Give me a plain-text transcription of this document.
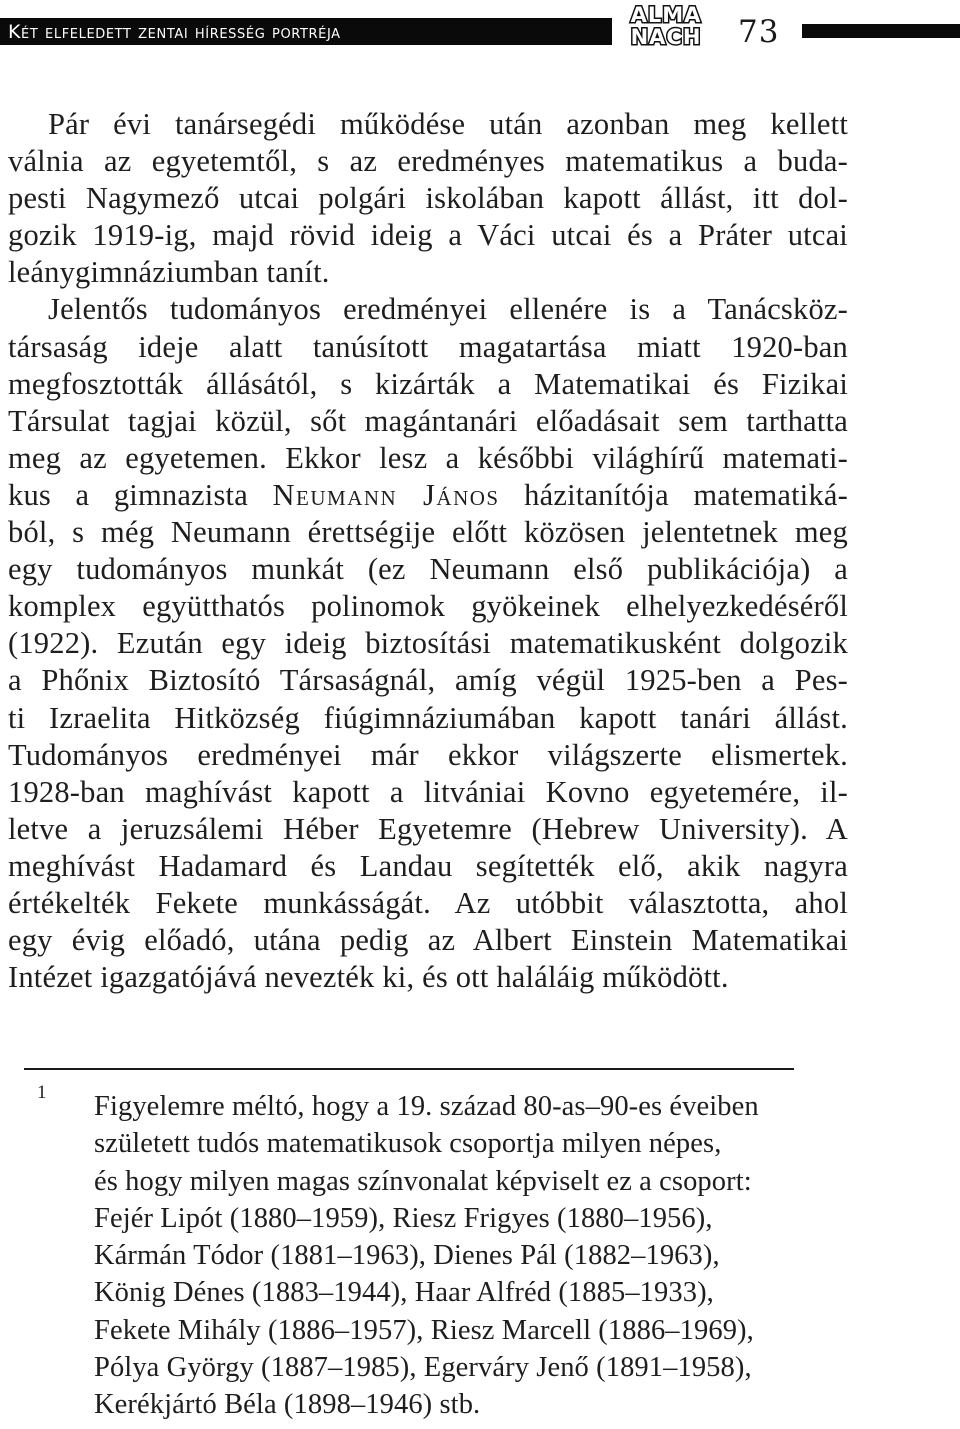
Két elfeledett zentai híresség portréja
ALMA
NACH 73
Pár évi tanársegédi működése után azonban meg kellett
válnia az egyetemtől, s az eredményes matematikus a buda-
pesti Nagymező utcai polgári iskolában kapott állást, itt dol-
gozik 1919-ig, majd rövid ideig a Váci utcai és a Práter utcai
leánygimnáziumban tanít.
Jelentős tudományos eredményei ellenére is a Tanácsköz-
társaság ideje alatt tanúsított magatartása miatt 1920-ban
megfosztották állásától, s kizárták a Matematikai és Fizikai
Társulat tagjai közül, sőt magántanári előadásait sem tarthatta
meg az egyetemen. Ekkor lesz a későbbi világhírű matemati-
kus a gimnazista Neumann János házitanítója matematiká-
ból, s még Neumann érettségije előtt közösen jelentetnek meg
egy tudományos munkát (ez Neumann első publikációja) a
komplex együtthatós polinomok gyökeinek elhelyezkedéséről
(1922). Ezután egy ideig biztosítási matematikusként dolgozik
a Phőnix Biztosító Társaságnál, amíg végül 1925-ben a Pes-
ti Izraelita Hitközség fiúgimnáziumában kapott tanári állást.
Tudományos eredményei már ekkor világszerte elismertek.
1928-ban maghívást kapott a litvániai Kovno egyetemére, il-
letve a jeruzsálemi Héber Egyetemre (Hebrew University). A
meghívást Hadamard és Landau segítették elő, akik nagyra
értékelték Fekete munkásságát. Az utóbbit választotta, ahol
egy évig előadó, utána pedig az Albert Einstein Matematikai
Intézet igazgatójává nevezték ki, és ott haláláig működött.
1 Figyelemre méltó, hogy a 19. század 80-as–90-es éveiben
született tudós matematikusok csoportja milyen népes,
és hogy milyen magas színvonalat képviselt ez a csoport:
Fejér Lipót (1880–1959), Riesz Frigyes (1880–1956),
Kármán Tódor (1881–1963), Dienes Pál (1882–1963),
König Dénes (1883–1944), Haar Alfréd (1885–1933),
Fekete Mihály (1886–1957), Riesz Marcell (1886–1969),
Pólya György (1887–1985), Egerváry Jenő (1891–1958),
Kerékjártó Béla (1898–1946) stb.
